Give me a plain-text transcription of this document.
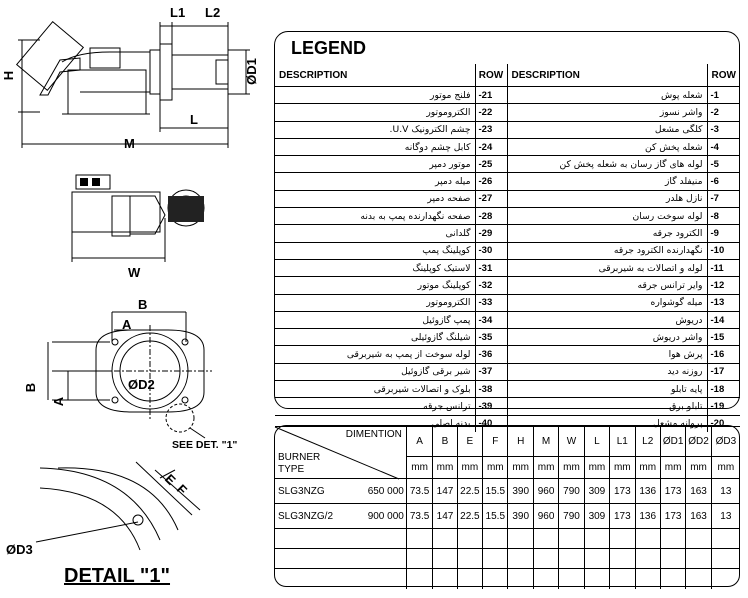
L1 L2
H	ØD1
L
M
W
B
A
B
A
ØD2
SEE DET. "1"
E
F
ØD3
DETAIL "1"
LEGEND
DESCRIPTION	ROW	DESCRIPTION	ROW
فلنج موتور	-21	شعله پوش	-1
الکتروموتور	-22	واشر نسوز	-2
چشم الکترونیک U.V.	-23	کلگی مشعل	-3
کابل چشم دوگانه	-24	شعله پخش کن	-4
موتور دمپر	-25	لوله های گاز رسان به شعله پخش کن	-5
میله دمپر	-26	منیفلد گاز	-6
صفحه دمپر	-27	نازل هلدر	-7
صفحه نگهدارنده پمپ به بدنه	-28	لوله سوخت رسان	-8
گلدانی	-29	الکترود جرقه	-9
کوپلینگ پمپ	-30	نگهدارنده الکترود جرقه	-10
لاستیک کوپلینگ	-31	لوله و اتصالات به شیربرقی	-11
کوپلینگ موتور	-32	وایر ترانس جرقه	-12
الکتروموتور	-33	میله گوشواره	-13
پمپ گازوئیل	-34	دریوش	-14
شیلنگ گازوئیلی	-35	واشر دریوش	-15
لوله سوخت از پمپ به شیربرقی	-36	پرش هوا	-16
شیر برقی گازوئیل	-37	روزنه دید	-17
بلوک و اتصالات شیربرقی	-38	پایه تابلو	-18
ترانس جرقه	-39	تابلو برق	-19
بدنه اصلی	-40	پروانه مشعل	-20
DIMENTION
BURNER
TYPE	A	B	E	F	H	M	W	L	L1	L2	ØD1	ØD2	ØD3
	mm	mm	mm	mm	mm	mm	mm	mm	mm	mm	mm	mm	mm

650 000
SLG3NZG	73.5	147	22.5	15.5	390	960	790	309	173	136	173	163	13

900 000
SLG3NZG/2	73.5	147	22.5	15.5	390	960	790	309	173	136	173	163	13
